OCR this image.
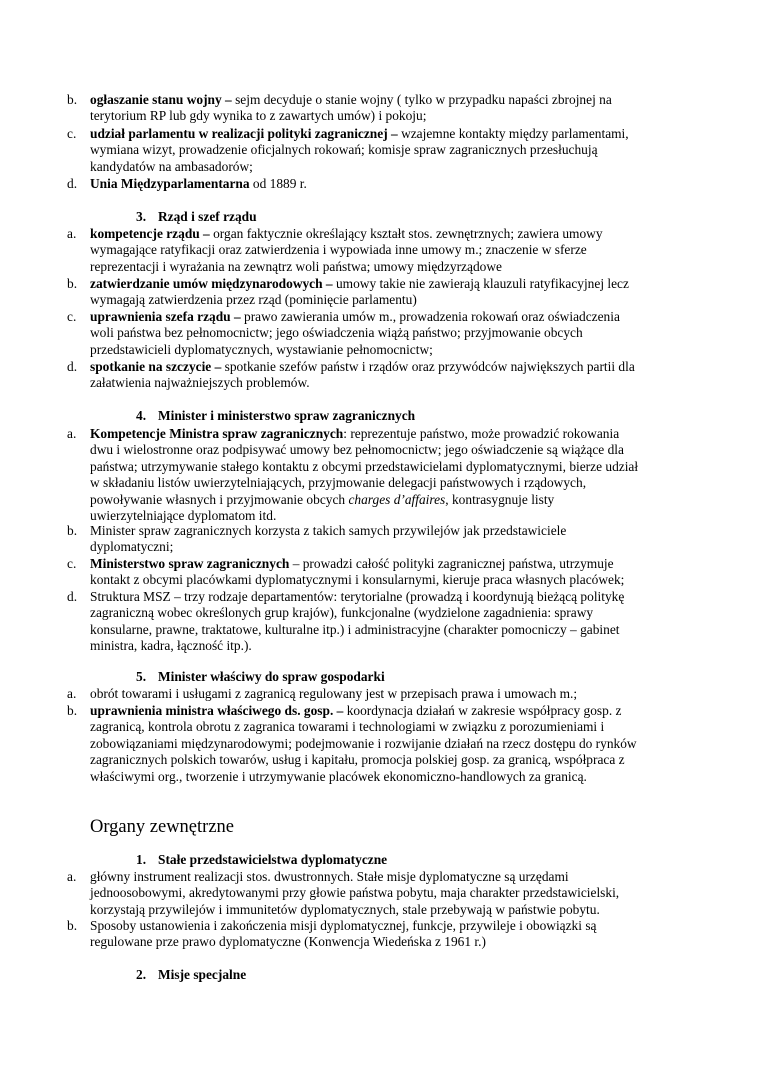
b. ogłaszanie stanu wojny – sejm decyduje o stanie wojny ( tylko w przypadku napaści zbrojnej na
terytorium RP lub gdy wynika to z zawartych umów) i pokoju;
c. udział parlamentu w realizacji polityki zagranicznej – wzajemne kontakty między parlamentami,
wymiana wizyt, prowadzenie oficjalnych rokowań; komisje spraw zagranicznych przesłuchują
kandydatów na ambasadorów;
d. Unia Międzyparlamentarna od 1889 r.
3. Rząd i szef rządu
a. kompetencje rządu – organ faktycznie określający kształt stos. zewnętrznych; zawiera umowy
wymagające ratyfikacji oraz zatwierdzenia i wypowiada inne umowy m.; znaczenie w sferze
reprezentacji i wyrażania na zewnątrz woli państwa; umowy międzyrządowe
b. zatwierdzanie umów międzynarodowych – umowy takie nie zawierają klauzuli ratyfikacyjnej lecz
wymagają zatwierdzenia przez rząd (pominięcie parlamentu)
c. uprawnienia szefa rządu – prawo zawierania umów m., prowadzenia rokowań oraz oświadczenia
woli państwa bez pełnomocnictw; jego oświadczenia wiążą państwo; przyjmowanie obcych
przedstawicieli dyplomatycznych, wystawianie pełnomocnictw;
d. spotkanie na szczycie – spotkanie szefów państw i rządów oraz przywódców największych partii dla
załatwienia najważniejszych problemów.
4. Minister i ministerstwo spraw zagranicznych
a. Kompetencje Ministra spraw zagranicznych: reprezentuje państwo, może prowadzić rokowania
dwu i wielostronne oraz podpisywać umowy bez pełnomocnictw; jego oświadczenie są wiążące dla
państwa; utrzymywanie stałego kontaktu z obcymi przedstawicielami dyplomatycznymi, bierze udział
w składaniu listów uwierzytelniających, przyjmowanie delegacji państwowych i rządowych,
powoływanie własnych i przyjmowanie obcych charges d’affaires, kontrasygnuje listy
uwierzytelniające dyplomatom itd.
b. Minister spraw zagranicznych korzysta z takich samych przywilejów jak przedstawiciele
dyplomatyczni;
c. Ministerstwo spraw zagranicznych – prowadzi całość polityki zagranicznej państwa, utrzymuje
kontakt z obcymi placówkami dyplomatycznymi i konsularnymi, kieruje praca własnych placówek;
d. Struktura MSZ – trzy rodzaje departamentów: terytorialne (prowadzą i koordynują bieżącą politykę
zagraniczną wobec określonych grup krajów), funkcjonalne (wydzielone zagadnienia: sprawy
konsularne, prawne, traktatowe, kulturalne itp.) i administracyjne (charakter pomocniczy – gabinet
ministra, kadra, łączność itp.).
5. Minister właściwy do spraw gospodarki
a. obrót towarami i usługami z zagranicą regulowany jest w przepisach prawa i umowach m.;
b. uprawnienia ministra właściwego ds. gosp. – koordynacja działań w zakresie współpracy gosp. z
zagranicą, kontrola obrotu z zagranica towarami i technologiami w związku z porozumieniami i
zobowiązaniami międzynarodowymi; podejmowanie i rozwijanie działań na rzecz dostępu do rynków
zagranicznych polskich towarów, usług i kapitału, promocja polskiej gosp. za granicą, współpraca z
właściwymi org., tworzenie i utrzymywanie placówek ekonomiczno-handlowych za granicą.
Organy zewnętrzne
1. Stałe przedstawicielstwa dyplomatyczne
a. główny instrument realizacji stos. dwustronnych. Stałe misje dyplomatyczne są urzędami
jednoosobowymi, akredytowanymi przy głowie państwa pobytu, maja charakter przedstawicielski,
korzystają przywilejów i immunitetów dyplomatycznych, stale przebywają w państwie pobytu.
b. Sposoby ustanowienia i zakończenia misji dyplomatycznej, funkcje, przywileje i obowiązki są
regulowane prze prawo dyplomatyczne (Konwencja Wiedeńska z 1961 r.)
2. Misje specjalne
